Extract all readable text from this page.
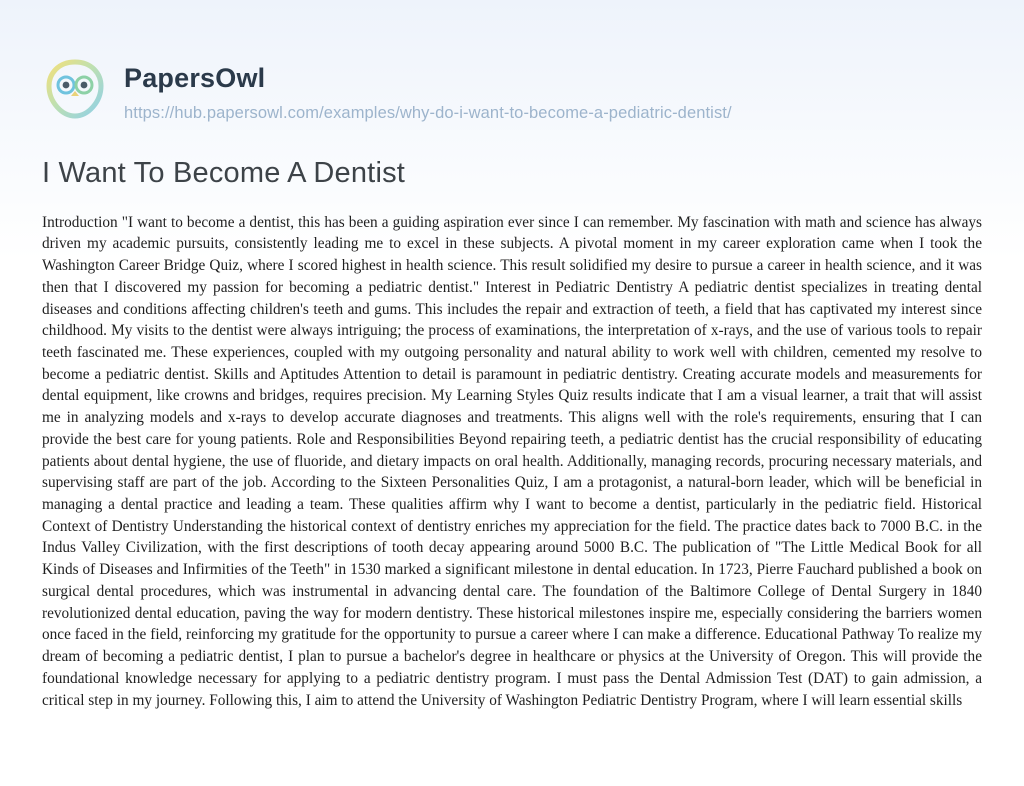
PapersOwl
https://hub.papersowl.com/examples/why-do-i-want-to-become-a-pediatric-dentist/
I Want To Become A Dentist

Introduction "I want to become a dentist, this has been a guiding aspiration ever since I can remember. My fascination with math and science has always driven my academic pursuits, consistently leading me to excel in these subjects. A pivotal moment in my career exploration came when I took the Washington Career Bridge Quiz, where I scored highest in health science. This result solidified my desire to pursue a career in health science, and it was then that I discovered my passion for becoming a pediatric dentist." Interest in Pediatric Dentistry A pediatric dentist specializes in treating dental diseases and conditions affecting children's teeth and gums. This includes the repair and extraction of teeth, a field that has captivated my interest since childhood. My visits to the dentist were always intriguing; the process of examinations, the interpretation of x-rays, and the use of various tools to repair teeth fascinated me. These experiences, coupled with my outgoing personality and natural ability to work well with children, cemented my resolve to become a pediatric dentist. Skills and Aptitudes Attention to detail is paramount in pediatric dentistry. Creating accurate models and measurements for dental equipment, like crowns and bridges, requires precision. My Learning Styles Quiz results indicate that I am a visual learner, a trait that will assist me in analyzing models and x-rays to develop accurate diagnoses and treatments. This aligns well with the role's requirements, ensuring that I can provide the best care for young patients. Role and Responsibilities Beyond repairing teeth, a pediatric dentist has the crucial responsibility of educating patients about dental hygiene, the use of fluoride, and dietary impacts on oral health. Additionally, managing records, procuring necessary materials, and supervising staff are part of the job. According to the Sixteen Personalities Quiz, I am a protagonist, a natural-born leader, which will be beneficial in managing a dental practice and leading a team. These qualities affirm why I want to become a dentist, particularly in the pediatric field. Historical Context of Dentistry Understanding the historical context of dentistry enriches my appreciation for the field. The practice dates back to 7000 B.C. in the Indus Valley Civilization, with the first descriptions of tooth decay appearing around 5000 B.C. The publication of "The Little Medical Book for all Kinds of Diseases and Infirmities of the Teeth" in 1530 marked a significant milestone in dental education. In 1723, Pierre Fauchard published a book on surgical dental procedures, which was instrumental in advancing dental care. The foundation of the Baltimore College of Dental Surgery in 1840 revolutionized dental education, paving the way for modern dentistry. These historical milestones inspire me, especially considering the barriers women once faced in the field, reinforcing my gratitude for the opportunity to pursue a career where I can make a difference. Educational Pathway To realize my dream of becoming a pediatric dentist, I plan to pursue a bachelor's degree in healthcare or physics at the University of Oregon. This will provide the foundational knowledge necessary for applying to a pediatric dentistry program. I must pass the Dental Admission Test (DAT) to gain admission, a critical step in my journey. Following this, I aim to attend the University of Washington Pediatric Dentistry Program, where I will learn essential skills
